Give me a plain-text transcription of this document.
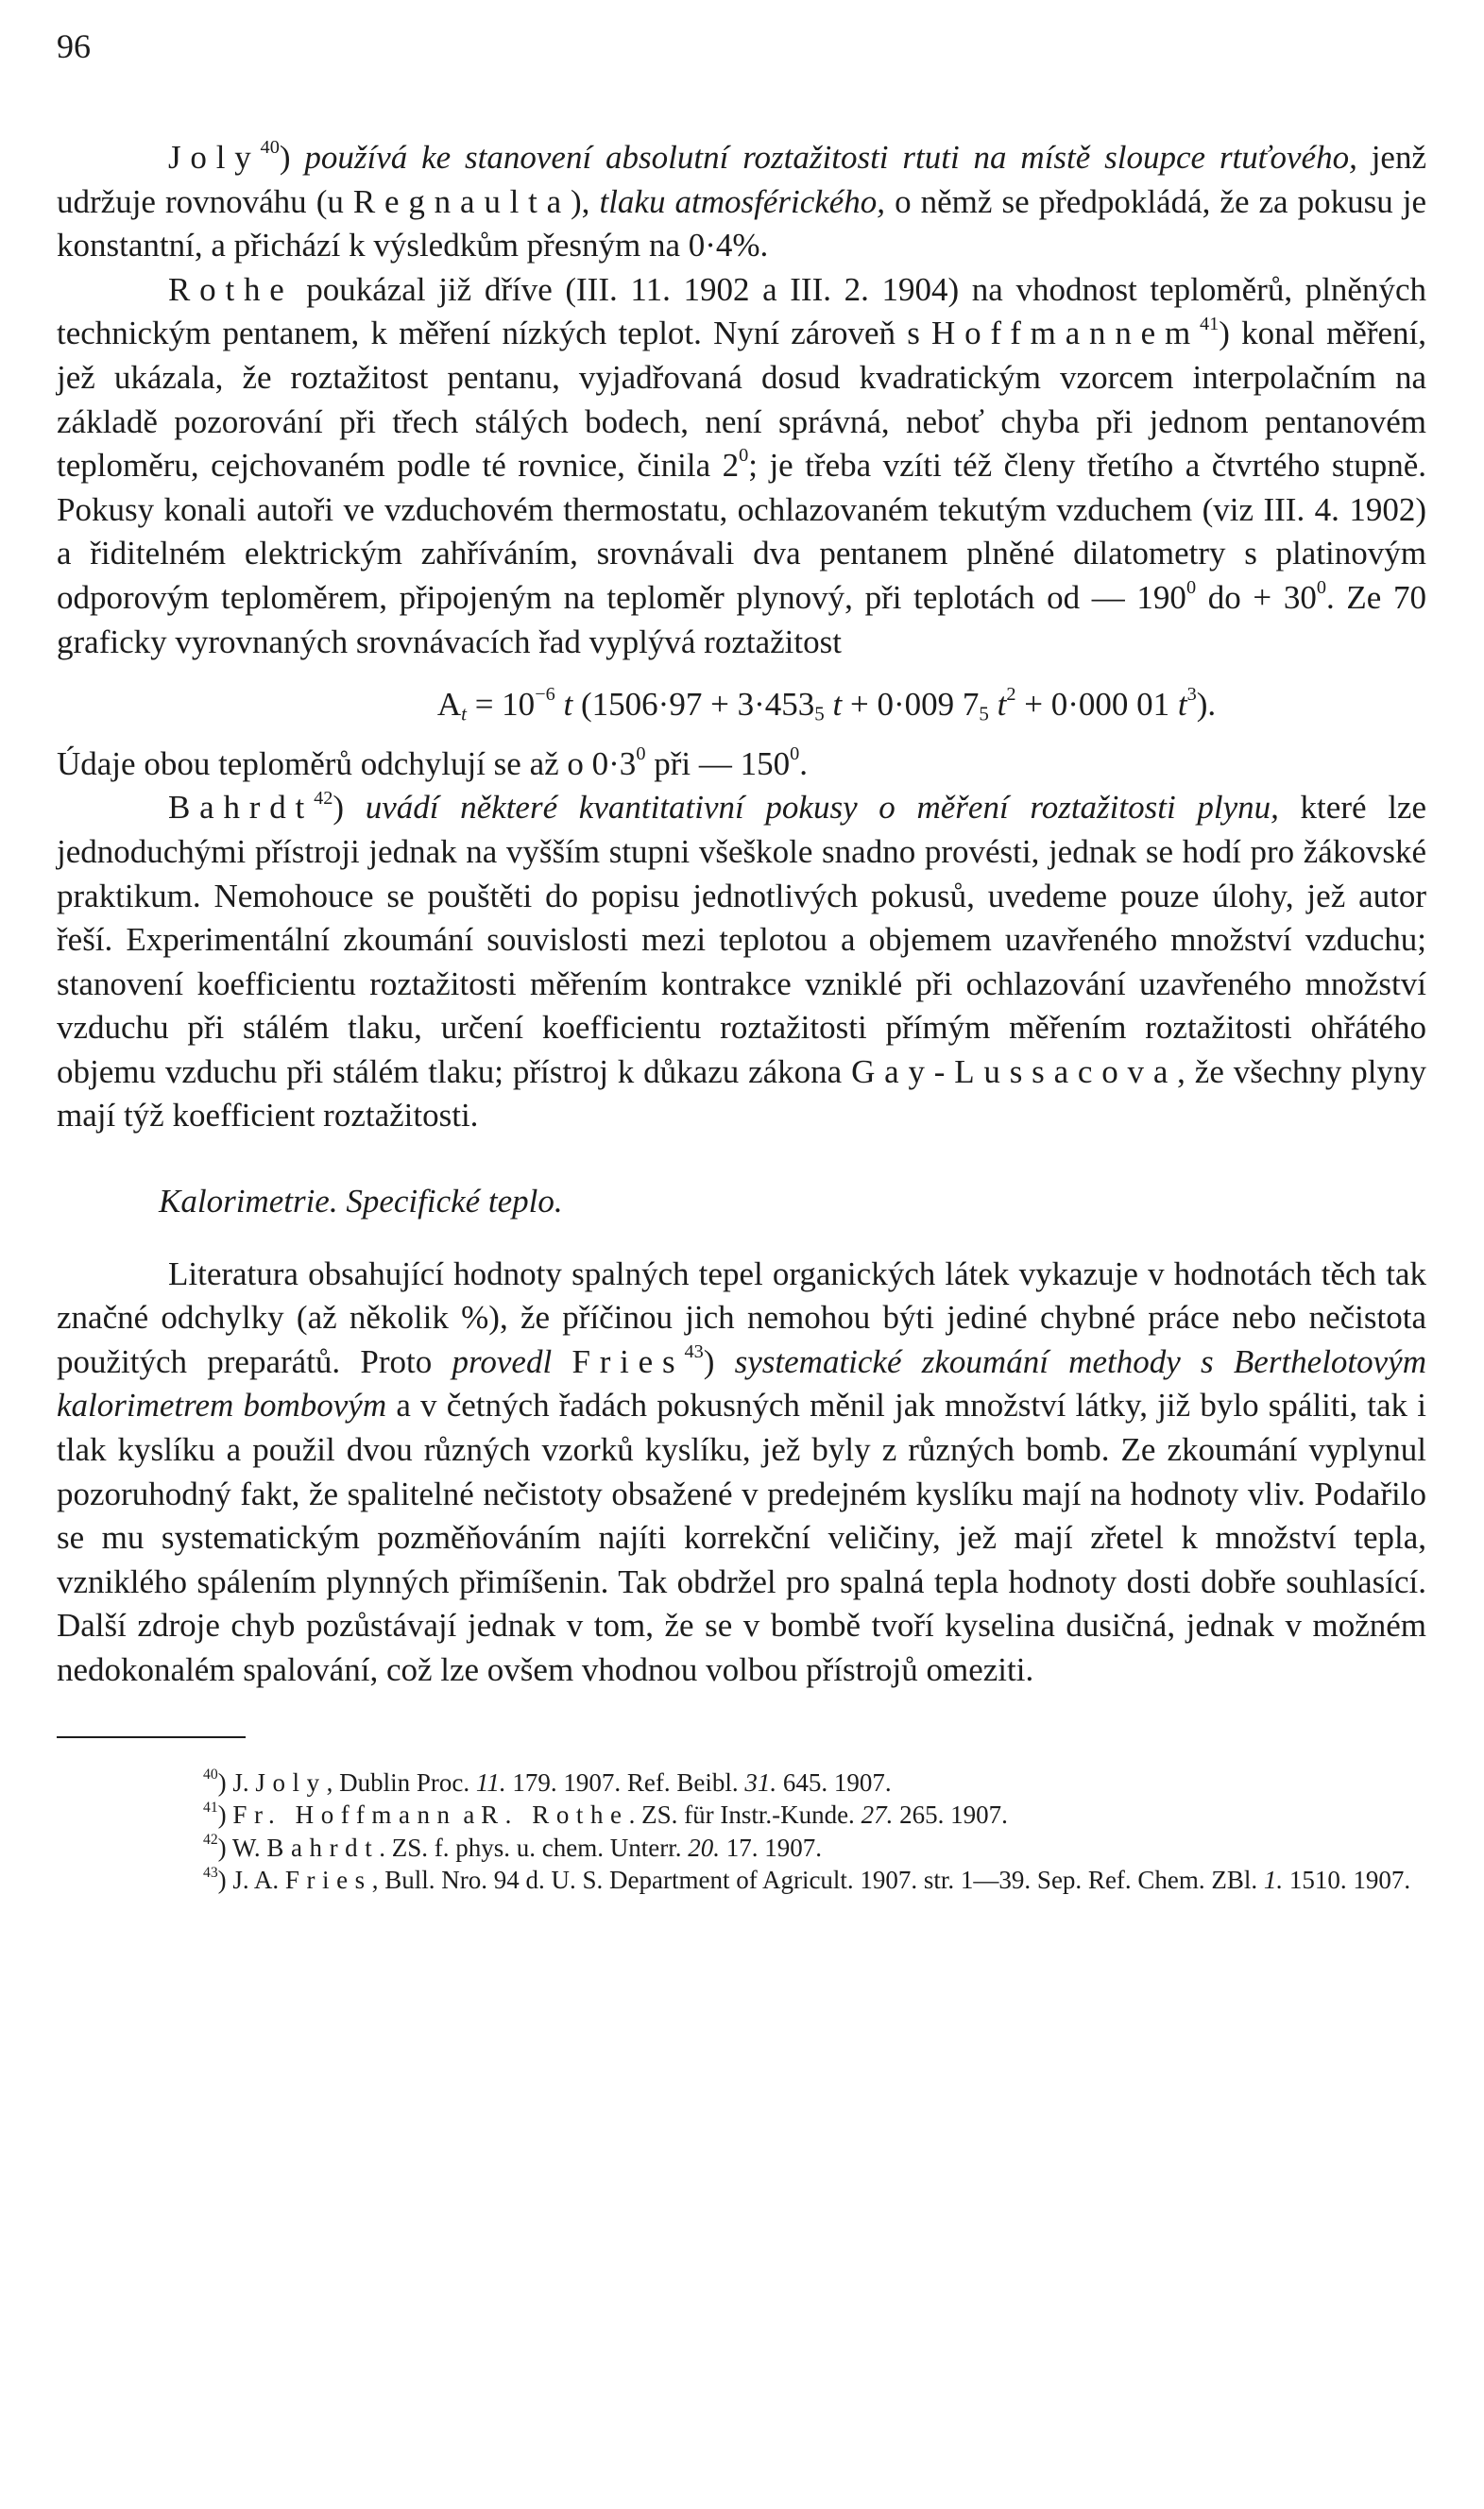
96

Joly$^{40}$) používá ke stanovení absolutní roztažitosti rtuti na místě sloupce rtuťového, jenž udržuje rovnováhu (u Regnaulta), tlaku atmosférického, o němž se předpokládá, že za pokusu je konstantní, a přichází k výsledkům přesným na 0·4%.

Rothe poukázal již dříve (III. 11. 1902 a III. 2. 1904) na vhodnost teploměrů, plněných technickým pentanem, k měření nízkých teplot. Nyní zároveň s Hoffmannem$^{41}$) konal měření, jež ukázala, že roztažitost pentanu, vyjadřovaná dosud kvadratickým vzorcem interpolačním na základě pozorování při třech stálých bodech, není správná, neboť chyba při jednom pentanovém teploměru, cejchovaném podle té rovnice, činila $2^0$; je třeba vzíti též členy třetího a čtvrtého stupně. Pokusy konali autoři ve vzduchovém thermostatu, ochlazovaném tekutým vzduchem (viz III. 4. 1902) a řiditelném elektrickým zahříváním, srovnávali dva pentanem plněné dilatometry s platinovým odporovým teploměrem, připojeným na teploměr plynový, při teplotách od — $190^0$ do + $30^0$. Ze 70 graficky vyrovnaných srovnávacích řad vyplývá roztažitost

$A_t = 10^{-6}$ t ($1506\cdot 97 + 3\cdot 453_5$ t + 0·009 $7_5$ $t^2 + 0\cdot 000$ 01 $t^3$).

Údaje obou teploměrů odchylují se až o $0\cdot 3^0$ při — $150^0$.

Bahrdt$^{42}$) uvádí některé kvantitativní pokusy o měření roztažitosti plynu, které lze jednoduchými přístroji jednak na vyšším stupni všeškole snadno provésti, jednak se hodí pro žákovské praktikum. Nemohouce se pouštěti do popisu jednotlivých pokusů, uvedeme pouze úlohy, jež autor řeší. Experimentální zkoumání souvislosti mezi teplotou a objemem uzavřeného množství vzduchu; stanovení koefficientu roztažitosti měřením kontrakce vzniklé při ochlazování uzavřeného množství vzduchu při stálém tlaku, určení koefficientu roztažitosti přímým měřením roztažitosti ohřátého objemu vzduchu při stálém tlaku; přístroj k důkazu zákona Gay-Lussacova, že všechny plyny mají týž koefficient roztažitosti.

Kalorimetrie. Specifické teplo.

Literatura obsahující hodnoty spalných tepel organických látek vykazuje v hodnotách těch tak značné odchylky (až několik %), že příčinou jich nemohou býti jediné chybné práce nebo nečistota použitých preparátů. Proto provedl Fries$^{43}$) systematické zkoumání methody s Berthelotovým kalorimetrem bombovým a v četných řadách pokusných měnil jak množství látky, již bylo spáliti, tak i tlak kyslíku a použil dvou různých vzorků kyslíku, jež byly z různých bomb. Ze zkoumání vyplynul pozoruhodný fakt, že spalitelné nečistoty obsažené v predejném kyslíku mají na hodnoty vliv. Podařilo se mu systematickým pozměňováním najíti korrekční veličiny, jež mají zřetel k množství tepla, vzniklého spálením plynných přimíšenin. Tak obdržel pro spalná tepla hodnoty dosti dobře souhlasící. Další zdroje chyb pozůstávají jednak v tom, že se v bombě tvoří kyselina dusičná, jednak v možném nedokonalém spalování, což lze ovšem vhodnou volbou přístrojů omeziti.

$^{40}$) J. Joly, Dublin Proc. 11. 179. 1907. Ref. Beibl. 31. 645. 1907.

$^{41}$) Fr. Hoffmann a R. Rothe. ZS. für Instr.-Kunde. 27. 265. 1907.

$^{42}$) W. Bahrdt. ZS. f. phys. u. chem. Unterr. 20. 17. 1907.

$^{43}$) J. A. Fries, Bull. Nro. 94 d. U. S. Department of Agricult. 1907. str. 1—39. Sep. Ref. Chem. ZBl. 1. 1510. 1907.
